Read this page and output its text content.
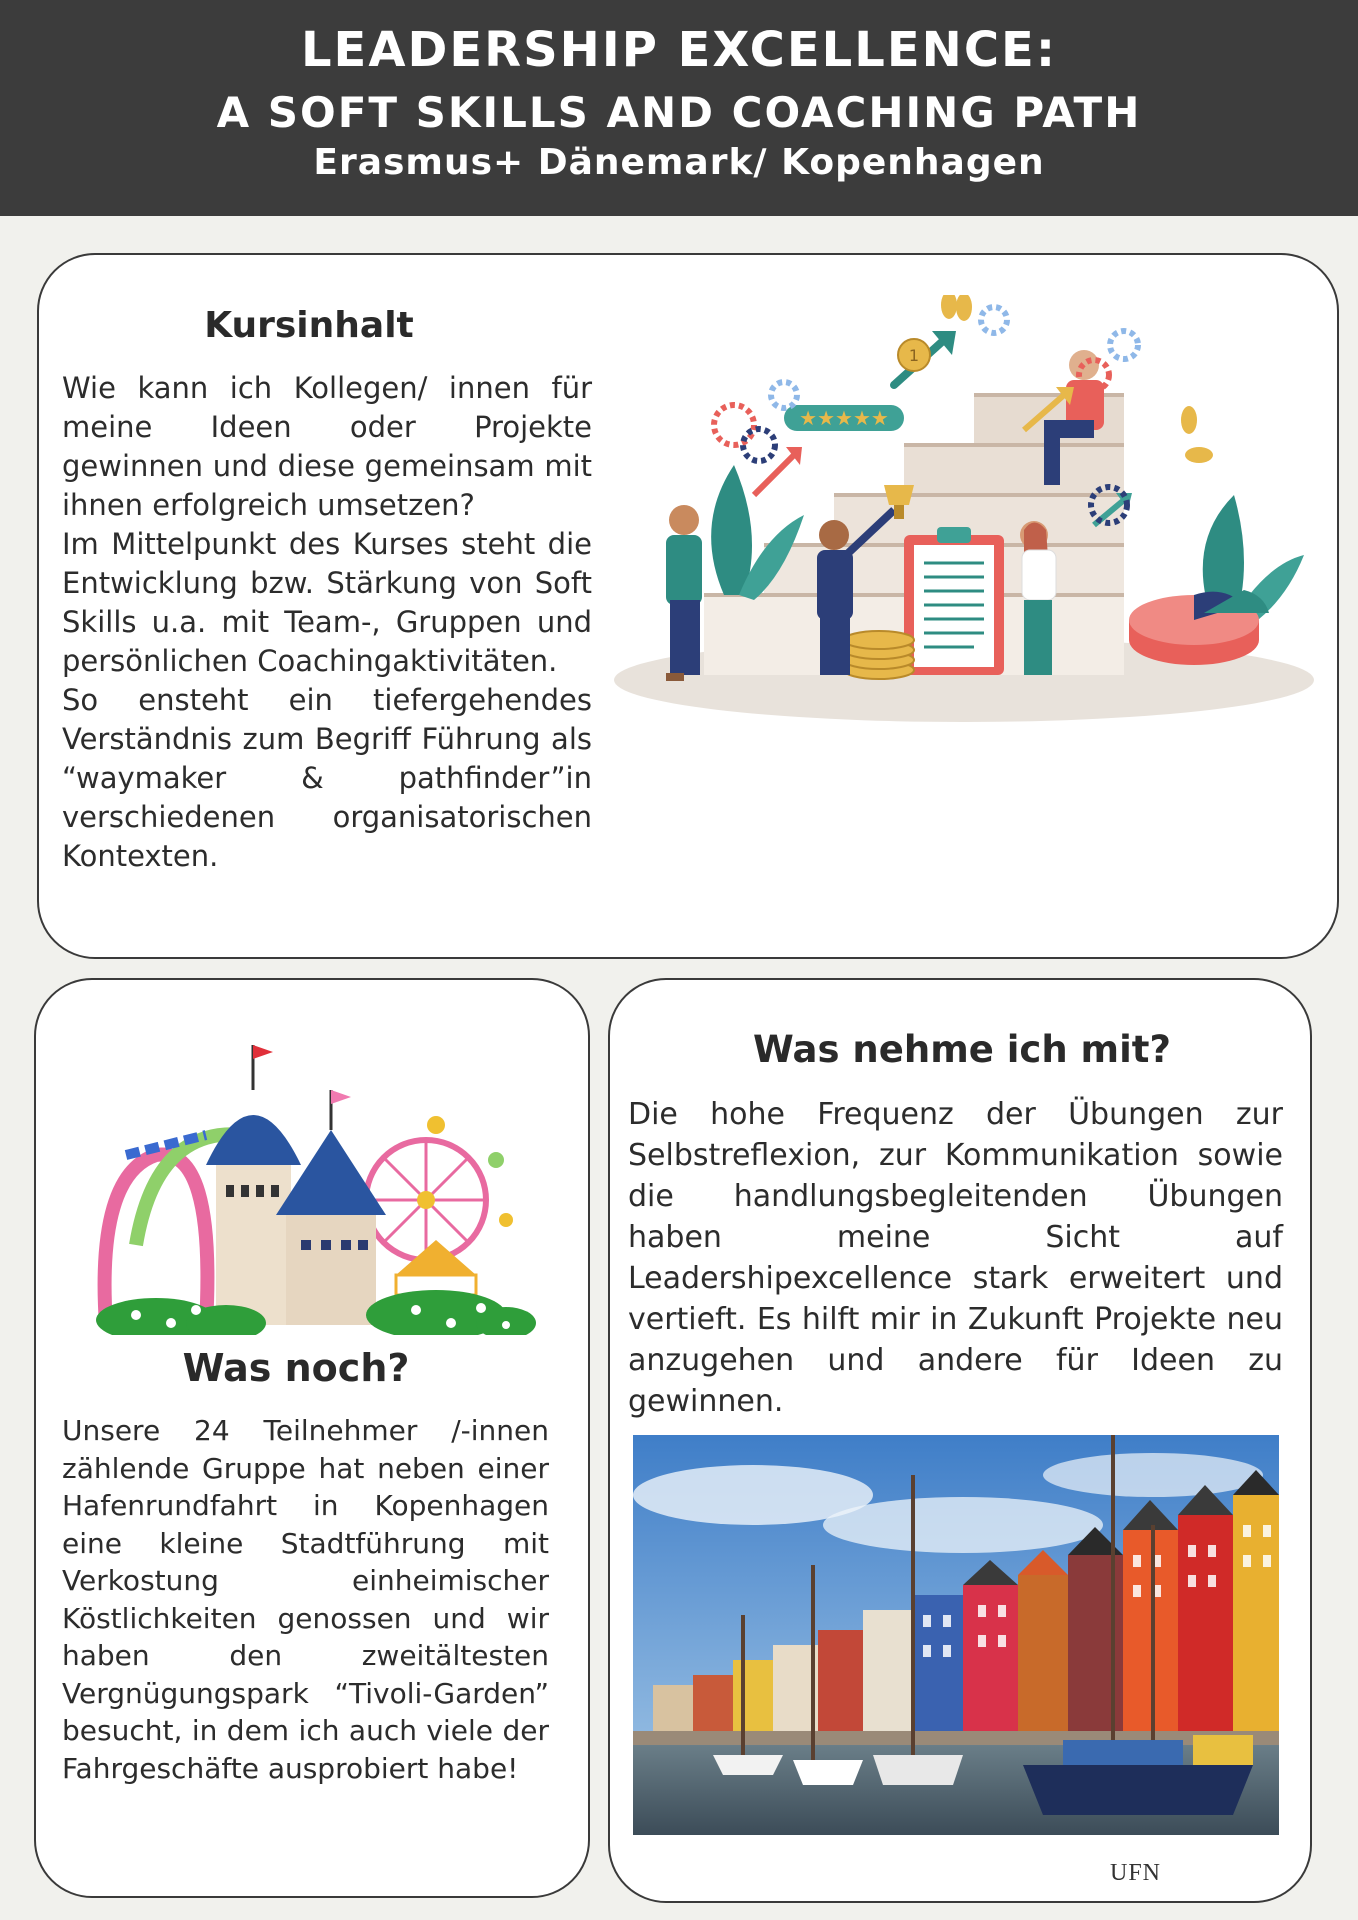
LEADERSHIP EXCELLENCE:
A SOFT SKILLS AND COACHING PATH
Erasmus+ Dänemark/ Kopenhagen
Kursinhalt

Wie kann ich Kollegen/ innen für meine Ideen oder Projekte gewinnen und diese gemeinsam mit ihnen erfolgreich umsetzen?

Im Mittelpunkt des Kurses steht die Entwicklung bzw. Stärkung von Soft Skills u.a. mit Team-, Gruppen und persönlichen Coachingaktivitäten.

So ensteht ein tiefergehendes Verständnis zum Begriff Führung als “waymaker & pathfinder”in verschiedenen organisatorischen Kontexten.

★★★★★
1
Was noch?
Unsere 24 Teilnehmer /-innen zählende Gruppe hat neben einer Hafenrundfahrt in Kopenhagen eine kleine Stadtführung mit Verkostung einheimischer Köstlichkeiten genossen und wir haben den zweitältesten Vergnügungspark “Tivoli-Garden” besucht, in dem ich auch viele der Fahrgeschäfte ausprobiert habe!
Was nehme ich mit?
Die hohe Frequenz der Übungen zur Selbstreflexion, zur Kommunikation sowie die handlungsbegleitenden Übungen haben meine Sicht auf Leadershipexcellence stark erweitert und vertieft. Es hilft mir in Zukunft Projekte neu anzugehen und andere für Ideen zu gewinnen.
UFN
